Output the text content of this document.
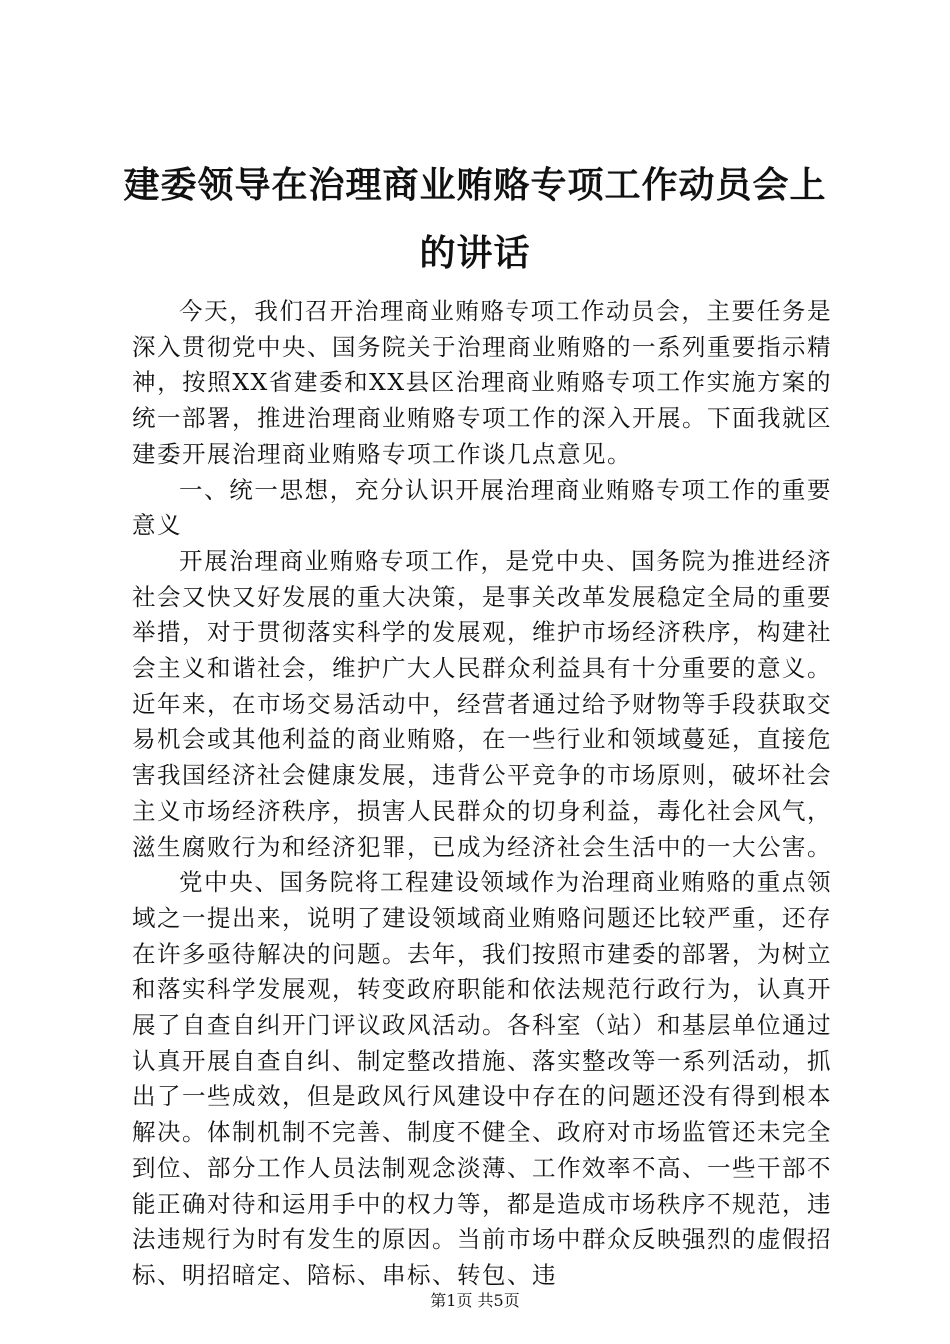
建委领导在治理商业贿赂专项工作动员会上的讲话

今天，我们召开治理商业贿赂专项工作动员会，主要任务是深入贯彻党中央、国务院关于治理商业贿赂的一系列重要指示精神，按照XX省建委和XX县区治理商业贿赂专项工作实施方案的统一部署，推进治理商业贿赂专项工作的深入开展。下面我就区建委开展治理商业贿赂专项工作谈几点意见。

一、统一思想，充分认识开展治理商业贿赂专项工作的重要意义

开展治理商业贿赂专项工作，是党中央、国务院为推进经济社会又快又好发展的重大决策，是事关改革发展稳定全局的重要举措，对于贯彻落实科学的发展观，维护市场经济秩序，构建社会主义和谐社会，维护广大人民群众利益具有十分重要的意义。近年来，在市场交易活动中，经营者通过给予财物等手段获取交易机会或其他利益的商业贿赂，在一些行业和领域蔓延，直接危害我国经济社会健康发展，违背公平竞争的市场原则，破坏社会主义市场经济秩序，损害人民群众的切身利益，毒化社会风气，滋生腐败行为和经济犯罪，已成为经济社会生活中的一大公害。

党中央、国务院将工程建设领域作为治理商业贿赂的重点领域之一提出来，说明了建设领域商业贿赂问题还比较严重，还存在许多亟待解决的问题。去年，我们按照市建委的部署，为树立和落实科学发展观，转变政府职能和依法规范行政行为，认真开展了自查自纠开门评议政风活动。各科室（站）和基层单位通过认真开展自查自纠、制定整改措施、落实整改等一系列活动，抓出了一些成效，但是政风行风建设中存在的问题还没有得到根本解决。体制机制不完善、制度不健全、政府对市场监管还未完全到位、部分工作人员法制观念淡薄、工作效率不高、一些干部不能正确对待和运用手中的权力等，都是造成市场秩序不规范，违法违规行为时有发生的原因。当前市场中群众反映强烈的虚假招标、明招暗定、陪标、串标、转包、违

第1页 共5页
